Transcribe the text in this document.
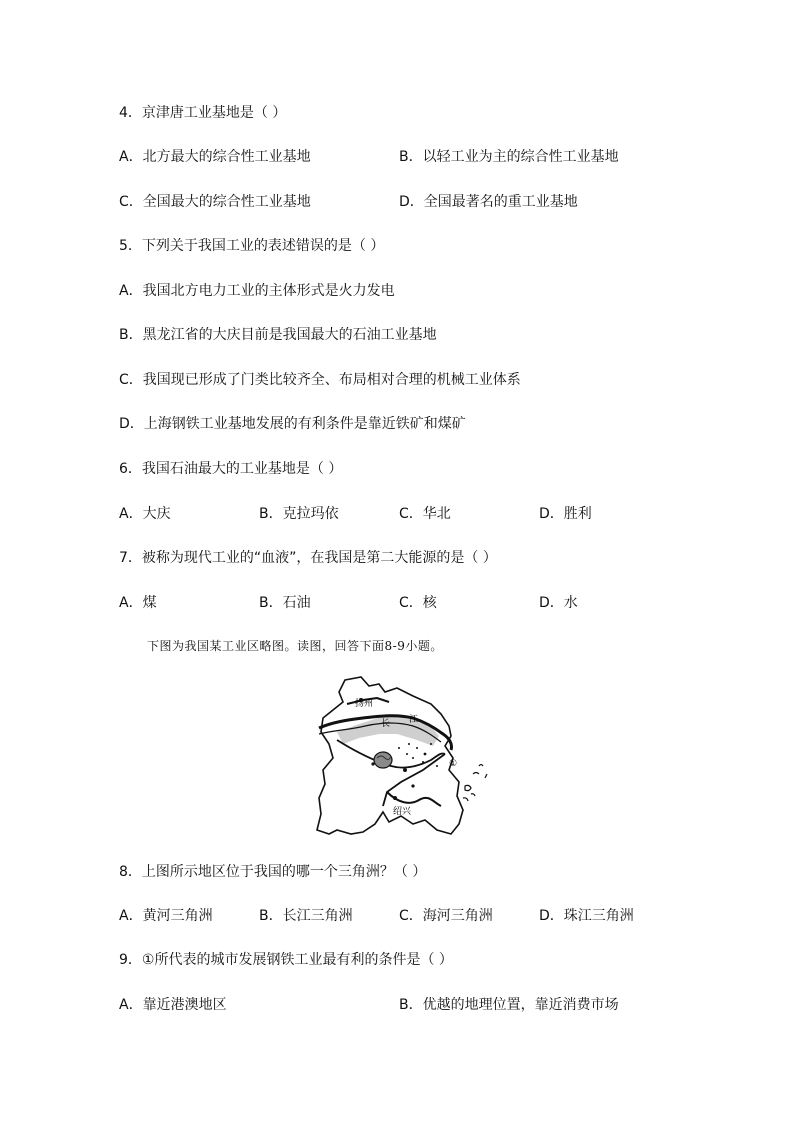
4．京津唐工业基地是（ ）
A．北方最大的综合性工业基地	B．以轻工业为主的综合性工业基地
C．全国最大的综合性工业基地	D．全国最著名的重工业基地
5．下列关于我国工业的表述错误的是（ ）
A．我国北方电力工业的主体形式是火力发电
B．黑龙江省的大庆目前是我国最大的石油工业基地
C．我国现已形成了门类比较齐全、布局相对合理的机械工业体系
D．上海钢铁工业基地发展的有利条件是靠近铁矿和煤矿
6．我国石油最大的工业基地是（ ）
A．大庆	B．克拉玛依	C．华北	D．胜利
7．被称为现代工业的“血液”，在我国是第二大能源的是（ ）
A．煤	B．石油	C．核	D．水
下图为我国某工业区略图。读图，回答下面8-9小题。
扬州
长 江
①
绍兴
8．上图所示地区位于我国的哪一个三角洲？（ ）
A．黄河三角洲	B．长江三角洲	C．海河三角洲	D．珠江三角洲
9．①所代表的城市发展钢铁工业最有利的条件是（ ）
A．靠近港澳地区	B．优越的地理位置，靠近消费市场
